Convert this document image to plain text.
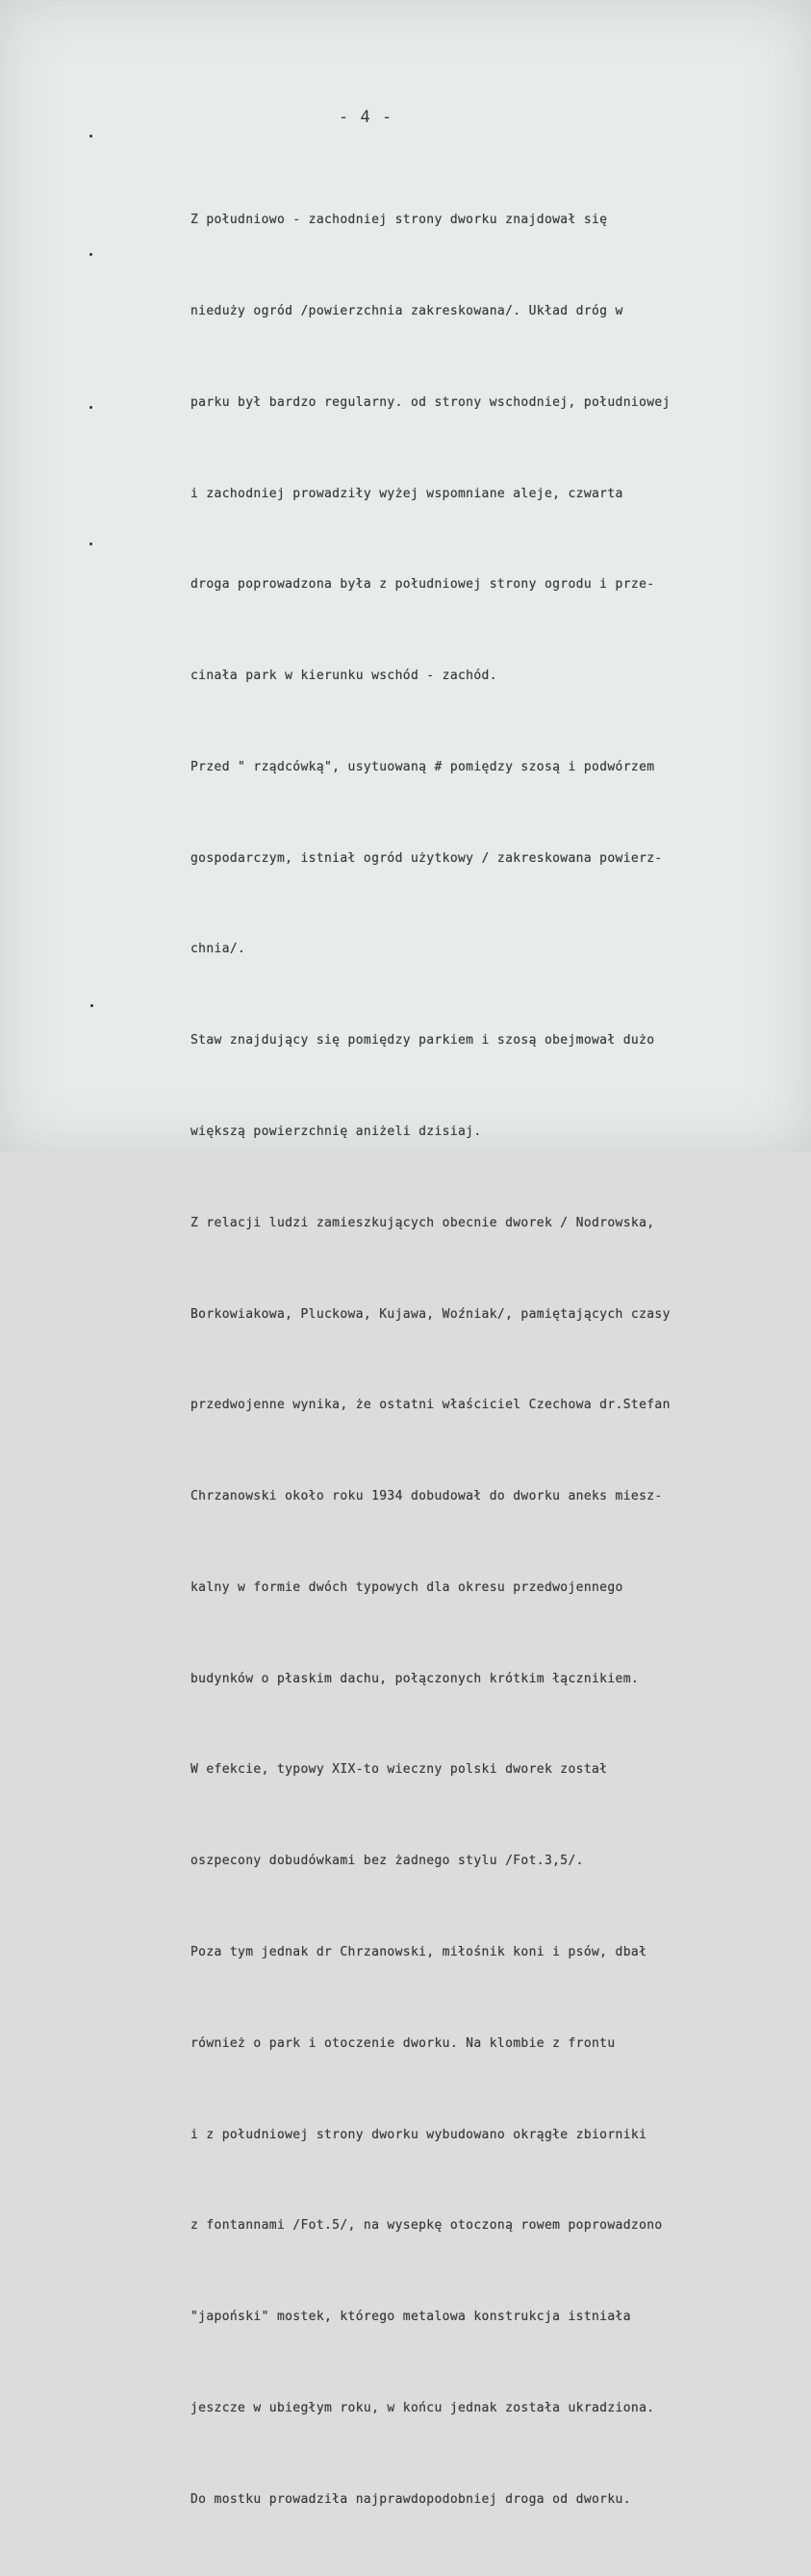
- 4 -

Z południowo - zachodniej strony dworku znajdował się

nieduży ogród /powierzchnia zakreskowana/. Układ dróg w

parku był bardzo regularny. od strony wschodniej, południowej

i zachodniej prowadziły wyżej wspomniane aleje, czwarta

droga poprowadzona była z południowej strony ogrodu i prze-

cinała park w kierunku wschód - zachód.

Przed " rządcówką", usytuowaną # pomiędzy szosą i podwórzem

gospodarczym, istniał ogród użytkowy / zakreskowana powierz-

chnia/.

Staw znajdujący się pomiędzy parkiem i szosą obejmował dużo

większą powierzchnię aniżeli dzisiaj.

Z relacji ludzi zamieszkujących obecnie dworek / Nodrowska,

Borkowiakowa, Pluckowa, Kujawa, Woźniak/, pamiętających czasy

przedwojenne wynika, że ostatni właściciel Czechowa dr.Stefan

Chrzanowski około roku 1934 dobudował do dworku aneks miesz-

kalny w formie dwóch typowych dla okresu przedwojennego

budynków o płaskim dachu, połączonych krótkim łącznikiem.

W efekcie, typowy XIX-to wieczny polski dworek został

oszpecony dobudówkami bez żadnego stylu /Fot.3,5/.

Poza tym jednak dr Chrzanowski, miłośnik koni i psów, dbał

również o park i otoczenie dworku. Na klombie z frontu

i z południowej strony dworku wybudowano okrągłe zbiorniki

z fontannami /Fot.5/, na wysepkę otoczoną rowem poprowadzono

"japoński" mostek, którego metalowa konstrukcja istniała

jeszcze w ubiegłym roku, w końcu jednak została ukradziona.

Do mostku prowadziła najprawdopodobniej droga od dworku.
